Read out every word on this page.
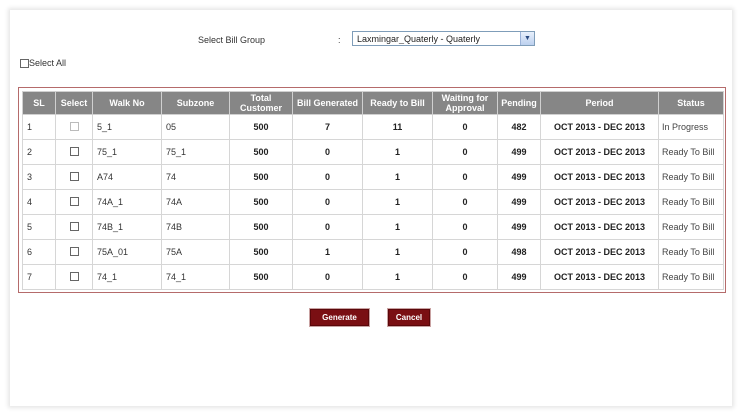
Select Bill Group	:	Laxmingar_Quaterly - Quaterly	▼
Select All
SL	Select	Walk No	Subzone	Total Customer	Bill Generated	Ready to Bill	Waiting for Approval	Pending	Period	Status
1		5_1	05	500	7	11	0	482	OCT 2013 - DEC 2013	In Progress
2		75_1	75_1	500	0	1	0	499	OCT 2013 - DEC 2013	Ready To Bill
3		A74	74	500	0	1	0	499	OCT 2013 - DEC 2013	Ready To Bill
4		74A_1	74A	500	0	1	0	499	OCT 2013 - DEC 2013	Ready To Bill
5		74B_1	74B	500	0	1	0	499	OCT 2013 - DEC 2013	Ready To Bill
6		75A_01	75A	500	1	1	0	498	OCT 2013 - DEC 2013	Ready To Bill
7		74_1	74_1	500	0	1	0	499	OCT 2013 - DEC 2013	Ready To Bill
Generate	Cancel
